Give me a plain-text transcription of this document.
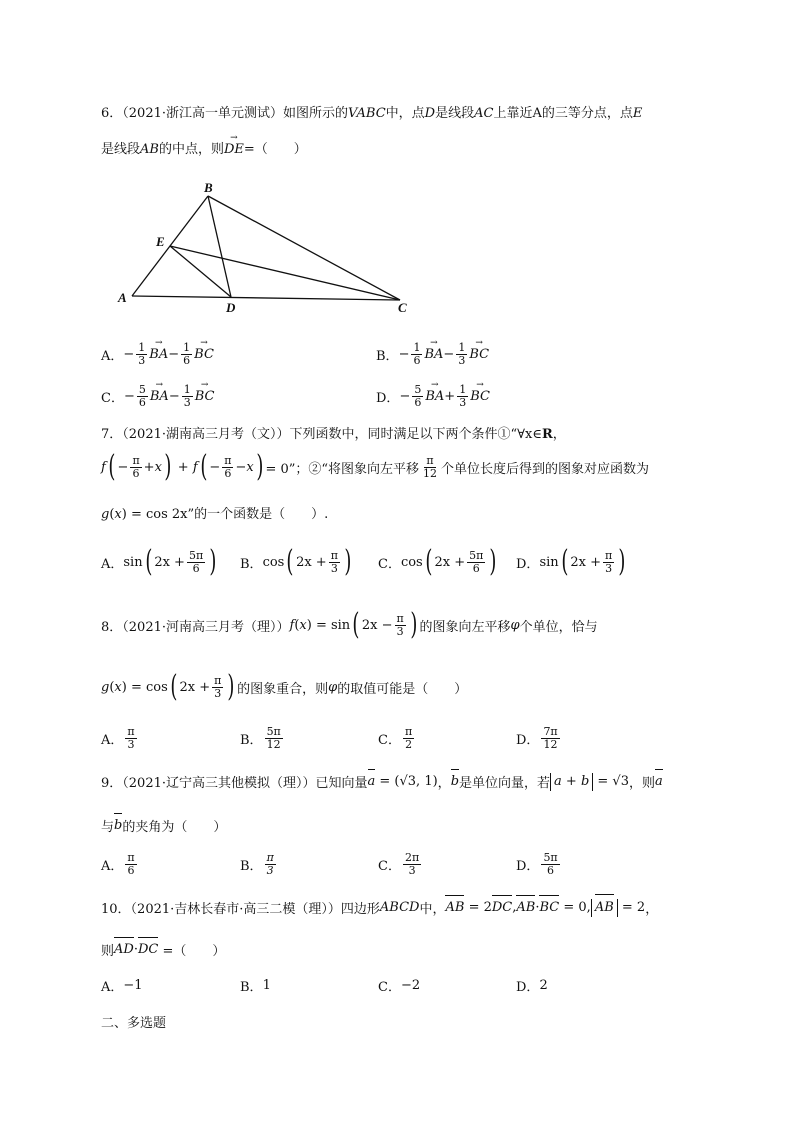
6．（2021·浙江高一单元测试）如图所示的VABC中，点D是线段AC上靠近A的三等分点，点E
是线段AB的中点，则→ DE=（　　）
A
B
C
D
E
A． − $\frac{1}{3}$ → BA − $\frac{1}{6}$ → BC	B． − $\frac{1}{6}$ → BA − $\frac{1}{3}$ → BC
C． − $\frac{5}{6}$ → BA − $\frac{1}{3}$ → BC	D． − $\frac{5}{6}$ → BA + $\frac{1}{3}$ → BC
7．（2021·湖南高三月考（文））下列函数中，同时满足以下两个条件①“∀x∈R，
f ( − $\frac{\pi}{6} + x$ ) + f ( − $\frac{\pi}{6} - x$ ) = 0”；②“将图象向左平移 $\frac{\pi}{12}$ 个单位长度后得到的图象对应函数为
g(x) = cos 2x”的一个函数是（　　）.
A． sin ( $2x + \frac{5\pi}{6}$ ) B． cos ( $2x + \frac{\pi}{3}$ ) C． cos ( $2x + \frac{5\pi}{6}$ ) D． sin ( $2x + \frac{\pi}{3}$ )
8．（2021·河南高三月考（理）） f ( x ) = sin ( $2x - \frac{\pi}{3}$ ) 的图象向左平移 φ 个单位，恰与
g ( x ) = cos ( $2x + \frac{\pi}{3}$ ) 的图象重合，则 φ 的取值可能是（　　）
A． $\frac{\pi}{3}$	B． $\frac{5\pi}{12}$	C． $\frac{\pi}{2}$	D． $\frac{7\pi}{12}$
9．（2021·辽宁高三其他模拟（理））已知向量 a
= (√3, 1) ， b 是单位向量，若 a + b
= √3 ，则 a
与 b 的夹角为（　　）
A． $\frac{\pi}{6}$	B． $\frac{\pi}{3}$	C． $\frac{2\pi}{3}$	D． $\frac{5\pi}{6}$
10．（2021·吉林长春市·高三二模（理））四边形 ABCD 中， AB
= 2 DC , AB · BC
= 0, AB
= 2 ，
则 AD · DC
=（　　）
A． −1	B． 1	C． −2	D． 2
二、多选题
